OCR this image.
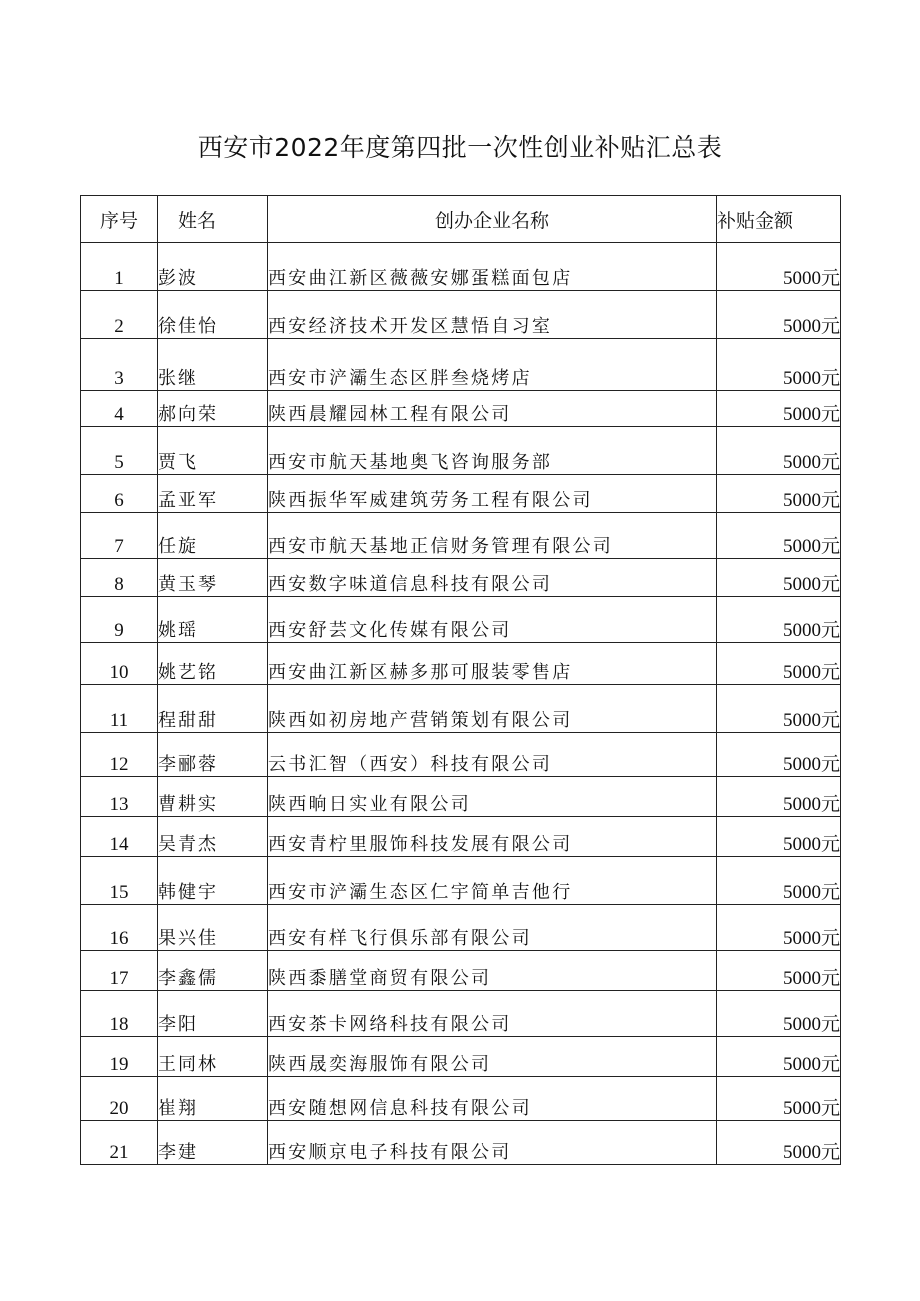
西安市2022年度第四批一次性创业补贴汇总表
序号	姓名	创办企业名称	补贴金额
1	彭波	西安曲江新区薇薇安娜蛋糕面包店	5000元
2	徐佳怡	西安经济技术开发区慧悟自习室	5000元
3	张继	西安市浐灞生态区胖叁烧烤店	5000元
4	郝向荣	陕西晨耀园林工程有限公司	5000元
5	贾飞	西安市航天基地奥飞咨询服务部	5000元
6	孟亚军	陕西振华军威建筑劳务工程有限公司	5000元
7	任旋	西安市航天基地正信财务管理有限公司	5000元
8	黄玉琴	西安数字味道信息科技有限公司	5000元
9	姚瑶	西安舒芸文化传媒有限公司	5000元
10	姚艺铭	西安曲江新区赫多那可服装零售店	5000元
11	程甜甜	陕西如初房地产营销策划有限公司	5000元
12	李郦蓉	云书汇智（西安）科技有限公司	5000元
13	曹耕实	陕西晌日实业有限公司	5000元
14	吴青杰	西安青柠里服饰科技发展有限公司	5000元
15	韩健宇	西安市浐灞生态区仁宇简单吉他行	5000元
16	果兴佳	西安有样飞行俱乐部有限公司	5000元
17	李鑫儒	陕西黍膳堂商贸有限公司	5000元
18	李阳	西安茶卡网络科技有限公司	5000元
19	王同林	陕西晟奕海服饰有限公司	5000元
20	崔翔	西安随想网信息科技有限公司	5000元
21	李建	西安顺京电子科技有限公司	5000元
